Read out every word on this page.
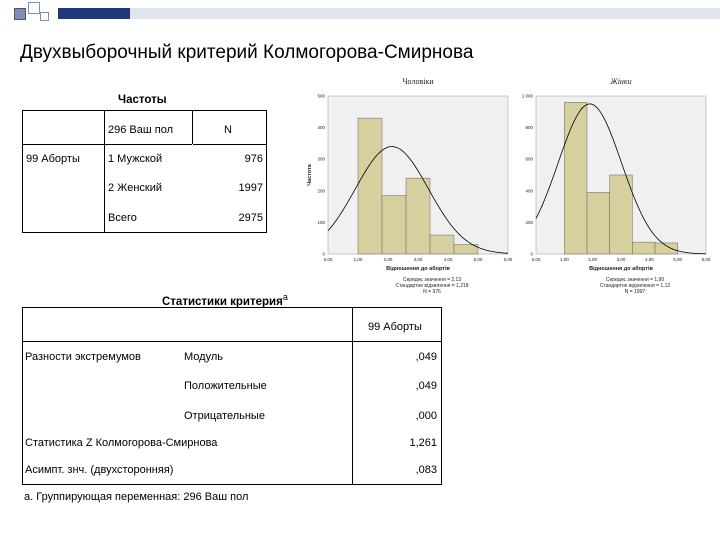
Двухвыборочный критерий Колмогорова-Смирнова
Частоты
296 Ваш пол	N
99 Аборты	1 Мужской	976
2 Женский	1997
Всего	2975
Чоловіки
0
100
200
300
400
500
0,00	1,00	2,00	3,00	4,00	5,00	6,00
Відношення до абортів
Частота
Середнє значення = 2,13
Стандартне відхилення = 1,218
N = 976
Жінки
0
200
400
600
800
1 000
0,00	1,00	2,00	3,00	4,00	5,00	6,00
Відношення до абортів
Середнє значення = 1,90
Стандартне відхилення = 1,12
N = 1997
Статистики критерия$^a$
99 Аборты
Разности экстремумов	Модуль	,049
Положительные	,049
Отрицательные	,000
Статистика Z Колмогорова-Смирнова	1,261
Асимпт. знч. (двухсторонняя)	,083
a. Группирующая переменная: 296 Ваш пол
